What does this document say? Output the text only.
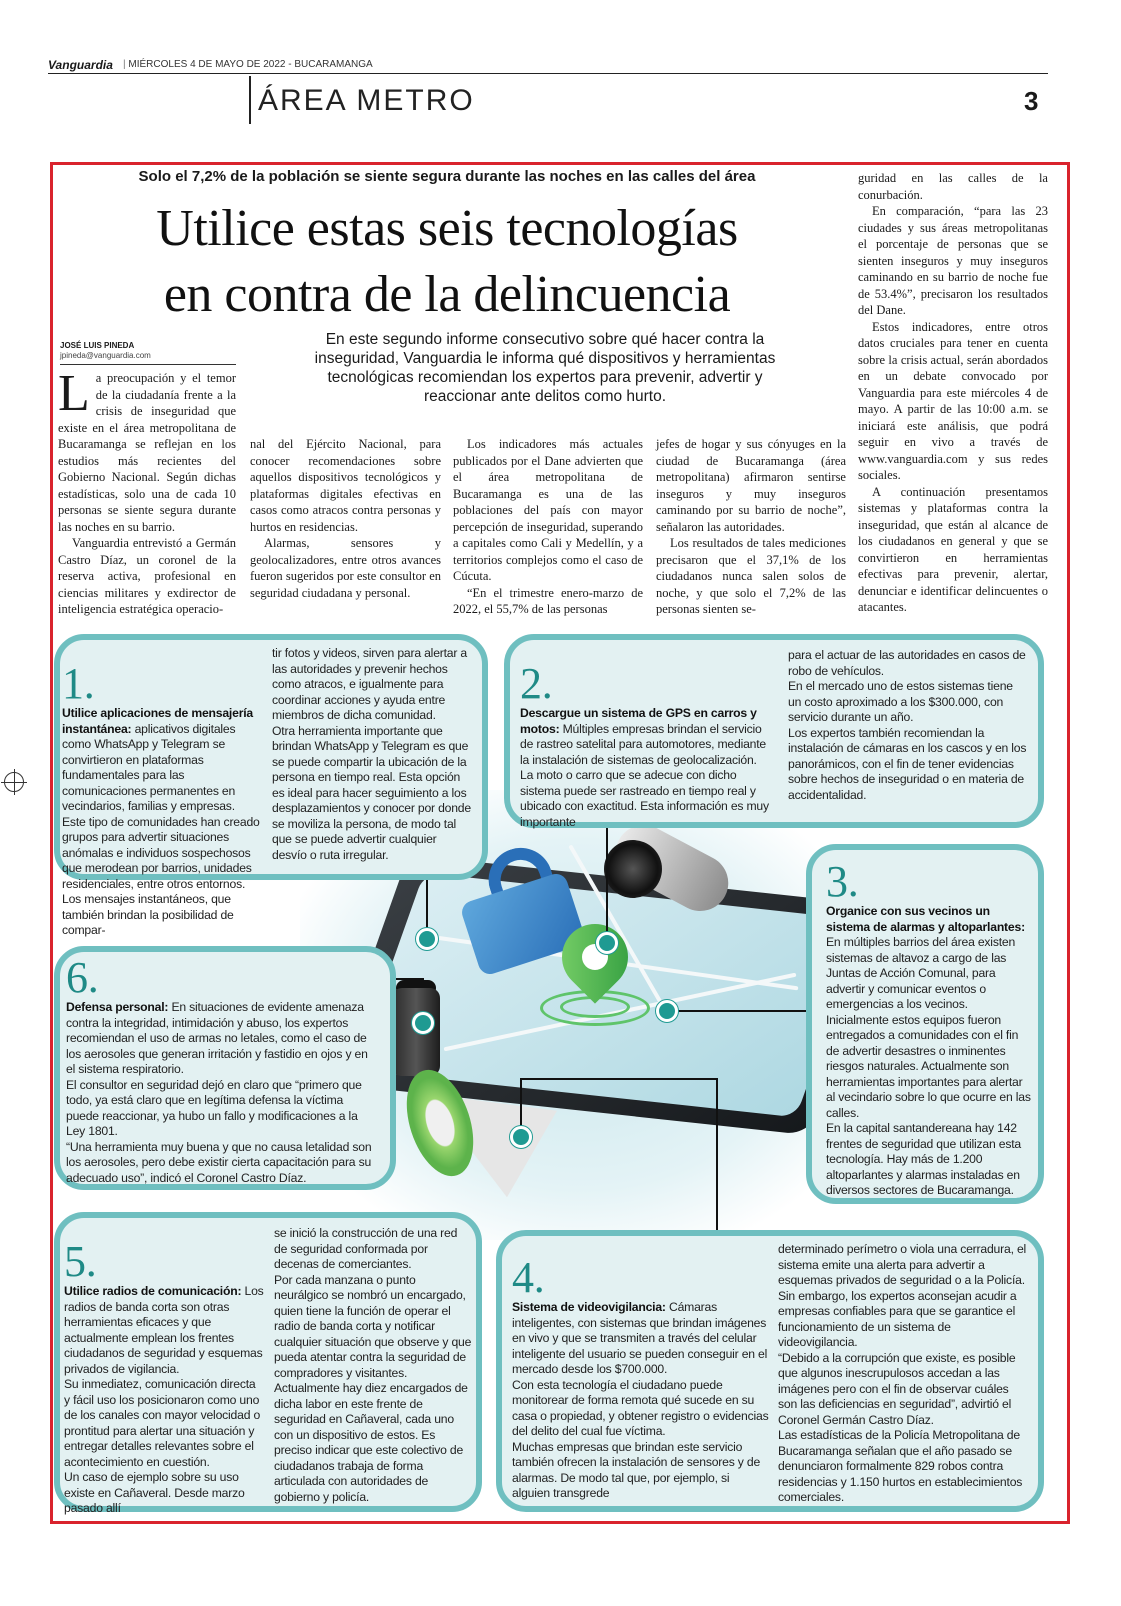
Vanguardia
|	MIÉRCOLES 4 DE MAYO DE 2022 - BUCARAMANGA
ÁREA METRO	3
Solo el 7,2% de la población se siente segura durante las noches en las calles del área
Utilice estas seis tecnologías
en contra de la delincuencia
JOSÉ LUIS PINEDA
jpineda@vanguardia.com
En este segundo informe consecutivo sobre qué hacer contra la inseguridad, Vanguardia le informa qué dispositivos y herramientas tecnológicas recomiendan los expertos para prevenir, advertir y reaccionar ante delitos como hurto.

La preocupación y el temor de la ciudadanía frente a la crisis de inseguridad que existe en el área metropolitana de Bucaramanga se reflejan en los estudios más recientes del Gobierno Nacional. Según dichas estadísticas, solo una de cada 10 personas se siente segura durante las noches en su barrio.

Vanguardia entrevistó a Germán Castro Díaz, un coronel de la reserva activa, profesional en ciencias militares y exdirector de inteligencia estratégica operacio-

nal del Ejército Nacional, para conocer recomendaciones sobre aquellos dispositivos tecnológicos y plataformas digitales efectivas en casos como atracos contra personas y hurtos en residencias.

Alarmas, sensores y geolocalizadores, entre otros avances fueron sugeridos por este consultor en seguridad ciudadana y personal.

Los indicadores más actuales publicados por el Dane advierten que el área metropolitana de Bucaramanga es una de las poblaciones del país con mayor percepción de inseguridad, superando a capitales como Cali y Medellín, y a territorios complejos como el caso de Cúcuta.

“En el trimestre enero-marzo de 2022, el 55,7% de las personas

jefes de hogar y sus cónyuges en la ciudad de Bucaramanga (área metropolitana) afirmaron sentirse inseguros y muy inseguros caminando por su barrio de noche”, señalaron las autoridades.

Los resultados de tales mediciones precisaron que el 37,1% de los ciudadanos nunca salen solos de noche, y que solo el 7,2% de las personas sienten se-

guridad en las calles de la conurbación.

En comparación, “para las 23 ciudades y sus áreas metropolitanas el porcentaje de personas que se sienten inseguros y muy inseguros caminando en su barrio de noche fue de 53.4%”, precisaron los resultados del Dane.

Estos indicadores, entre otros datos cruciales para tener en cuenta sobre la crisis actual, serán abordados en un debate convocado por Vanguardia para este miércoles 4 de mayo. A partir de las 10:00 a.m. se iniciará este análisis, que podrá seguir en vivo a través de www.vanguardia.com y sus redes sociales.

A continuación presentamos sistemas y plataformas contra la inseguridad, que están al alcance de los ciudadanos en general y que se convirtieron en herramientas efectivas para prevenir, alertar, denunciar e identificar delincuentes o atacantes.

1.

Utilice aplicaciones de mensajería instantánea: aplicativos digitales como WhatsApp y Telegram se convirtieron en plataformas fundamentales para las comunicaciones permanentes en vecindarios, familias y empresas.

Este tipo de comunidades han creado grupos para advertir situaciones anómalas e individuos sospechosos que merodean por barrios, unidades residenciales, entre otros entornos.

Los mensajes instantáneos, que también brindan la posibilidad de compar-

tir fotos y videos, sirven para alertar a las autoridades y prevenir hechos como atracos, e igualmente para coordinar acciones y ayuda entre miembros de dicha comunidad.

Otra herramienta importante que brindan WhatsApp y Telegram es que se puede compartir la ubicación de la persona en tiempo real. Esta opción es ideal para hacer seguimiento a los desplazamientos y conocer por donde se moviliza la persona, de modo tal que se puede advertir cualquier desvío o ruta irregular.

2.

Descargue un sistema de GPS en carros y motos: Múltiples empresas brindan el servicio de rastreo satelital para automotores, mediante la instalación de sistemas de geolocalización.

La moto o carro que se adecue con dicho sistema puede ser rastreado en tiempo real y ubicado con exactitud. Esta información es muy importante

para el actuar de las autoridades en casos de robo de vehículos.

En el mercado uno de estos sistemas tiene un costo aproximado a los $300.000, con servicio durante un año.

Los expertos también recomiendan la instalación de cámaras en los cascos y en los panorámicos, con el fin de tener evidencias sobre hechos de inseguridad o en materia de accidentalidad.

3.

Organice con sus vecinos un sistema de alarmas y altoparlantes: En múltiples barrios del área existen sistemas de altavoz a cargo de las Juntas de Acción Comunal, para advertir y comunicar eventos o emergencias a los vecinos.

Inicialmente estos equipos fueron entregados a comunidades con el fin de advertir desastres o inminentes riesgos naturales. Actualmente son herramientas importantes para alertar al vecindario sobre lo que ocurre en las calles.

En la capital santandereana hay 142 frentes de seguridad que utilizan esta tecnología. Hay más de 1.200 altoparlantes y alarmas instaladas en diversos sectores de Bucaramanga.

6.

Defensa personal: En situaciones de evidente amenaza contra la integridad, intimidación y abuso, los expertos recomiendan el uso de armas no letales, como el caso de los aerosoles que generan irritación y fastidio en ojos y en el sistema respiratorio.

El consultor en seguridad dejó en claro que “primero que todo, ya está claro que en legítima defensa la víctima puede reaccionar, ya hubo un fallo y modificaciones a la Ley 1801.

“Una herramienta muy buena y que no causa letalidad son los aerosoles, pero debe existir cierta capacitación para su adecuado uso”, indicó el Coronel Castro Díaz.

5.

Utilice radios de comunicación: Los radios de banda corta son otras herramientas eficaces y que actualmente emplean los frentes ciudadanos de seguridad y esquemas privados de vigilancia.

Su inmediatez, comunicación directa y fácil uso los posicionaron como uno de los canales con mayor velocidad o prontitud para alertar una situación y entregar detalles relevantes sobre el acontecimiento en cuestión.

Un caso de ejemplo sobre su uso existe en Cañaveral. Desde marzo pasado allí

se inició la construcción de una red de seguridad conformada por decenas de comerciantes.

Por cada manzana o punto neurálgico se nombró un encargado, quien tiene la función de operar el radio de banda corta y notificar cualquier situación que observe y que pueda atentar contra la seguridad de compradores y visitantes.

Actualmente hay diez encargados de dicha labor en este frente de seguridad en Cañaveral, cada uno con un dispositivo de estos. Es preciso indicar que este colectivo de ciudadanos trabaja de forma articulada con autoridades de gobierno y policía.

4.

Sistema de videovigilancia: Cámaras inteligentes, con sistemas que brindan imágenes en vivo y que se transmiten a través del celular inteligente del usuario se pueden conseguir en el mercado desde los $700.000.

Con esta tecnología el ciudadano puede monitorear de forma remota qué sucede en su casa o propiedad, y obtener registro o evidencias del delito del cual fue víctima.

Muchas empresas que brindan este servicio también ofrecen la instalación de sensores y de alarmas. De modo tal que, por ejemplo, si alguien transgrede

determinado perímetro o viola una cerradura, el sistema emite una alerta para advertir a esquemas privados de seguridad o a la Policía.

Sin embargo, los expertos aconsejan acudir a empresas confiables para que se garantice el funcionamiento de un sistema de videovigilancia.

“Debido a la corrupción que existe, es posible que algunos inescrupulosos accedan a las imágenes pero con el fin de observar cuáles son las deficiencias en seguridad”, advirtió el Coronel Germán Castro Díaz.

Las estadísticas de la Policía Metropolitana de Bucaramanga señalan que el año pasado se denunciaron formalmente 829 robos contra residencias y 1.150 hurtos en establecimientos comerciales.
